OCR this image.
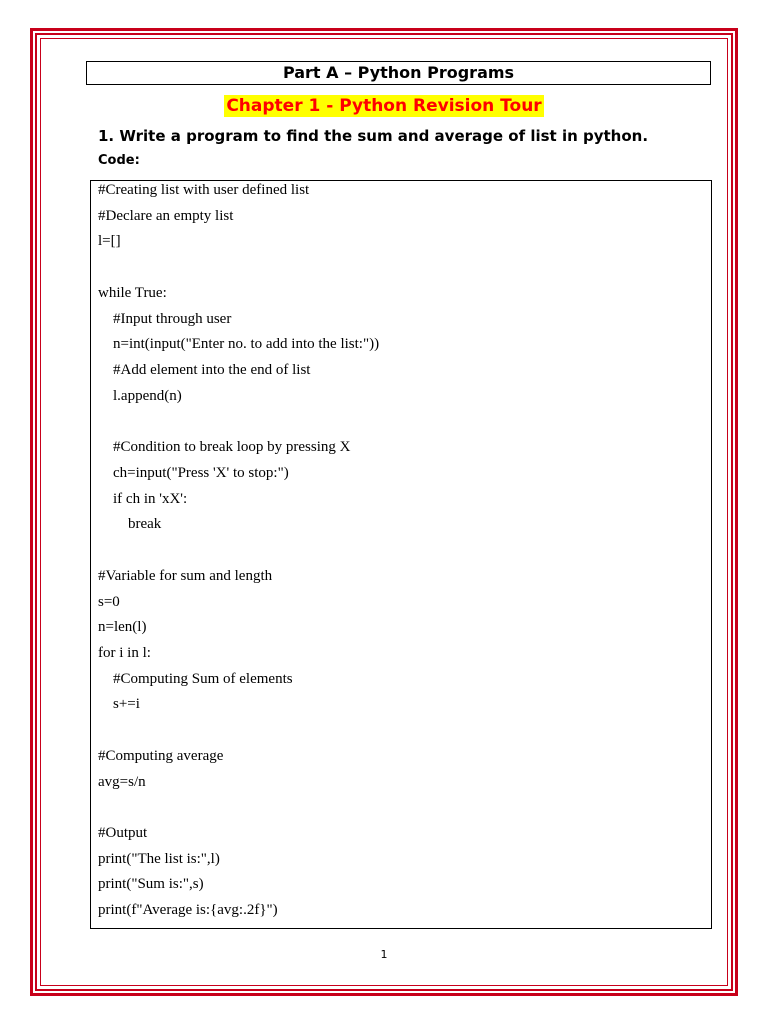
Part A – Python Programs
Chapter 1 - Python Revision Tour
1. Write a program to find the sum and average of list in python.
Code:
#Creating list with user defined list
#Declare an empty list
l=[]
while True:
#Input through user
n=int(input("Enter no. to add into the list:"))
#Add element into the end of list
l.append(n)
#Condition to break loop by pressing X
ch=input("Press 'X' to stop:")
if ch in 'xX':
break
#Variable for sum and length
s=0
n=len(l)
for i in l:
#Computing Sum of elements
s+=i
#Computing average
avg=s/n
#Output
print("The list is:",l)
print("Sum is:",s)
print(f"Average is:{avg:.2f}")
1
